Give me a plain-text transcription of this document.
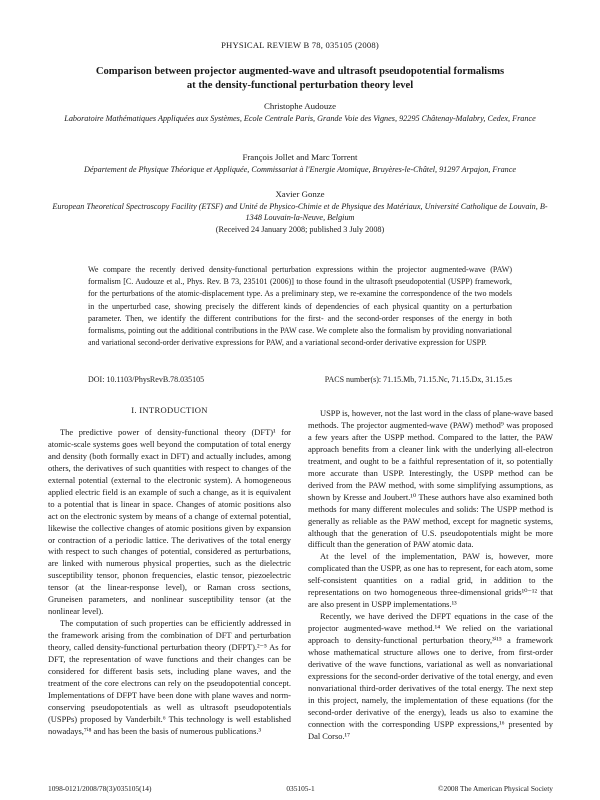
PHYSICAL REVIEW B 78, 035105 (2008)
Comparison between projector augmented-wave and ultrasoft pseudopotential formalisms
at the density-functional perturbation theory level
Christophe Audouze
Laboratoire Mathématiques Appliquées aux Systèmes, Ecole Centrale Paris, Grande Voie des Vignes, 92295 Châtenay-Malabry, Cedex, France
François Jollet and Marc Torrent
Département de Physique Théorique et Appliquée, Commissariat à l'Energie Atomique, Bruyères-le-Châtel, 91297 Arpajon, France
Xavier Gonze
European Theoretical Spectroscopy Facility (ETSF) and Unité de Physico-Chimie et de Physique des Matériaux, Université Catholique de Louvain, B-1348 Louvain-la-Neuve, Belgium
(Received 24 January 2008; published 3 July 2008)
We compare the recently derived density-functional perturbation expressions within the projector augmented-wave (PAW) formalism [C. Audouze et al., Phys. Rev. B 73, 235101 (2006)] to those found in the ultrasoft pseudopotential (USPP) framework, for the perturbations of the atomic-displacement type. As a preliminary step, we re-examine the correspondence of the two models in the unperturbed case, showing precisely the different kinds of dependencies of each physical quantity on a perturbation parameter. Then, we identify the different contributions for the first- and the second-order responses of the energy in both formalisms, pointing out the additional contributions in the PAW case. We complete also the formalism by providing nonvariational and variational second-order derivative expressions for PAW, and a variational second-order derivative expression for USPP.
DOI: 10.1103/PhysRevB.78.035105	PACS number(s): 71.15.Mb, 71.15.Nc, 71.15.Dx, 31.15.es
I. INTRODUCTION

The predictive power of density-functional theory (DFT)¹ for atomic-scale systems goes well beyond the computation of total energy and density (both formally exact in DFT) and actually includes, among others, the derivatives of such quantities with respect to changes of the external potential (external to the electronic system). A homogeneous applied electric field is an example of such a change, as it is equivalent to a potential that is linear in space. Changes of atomic positions also act on the electronic system by means of a change of external potential, likewise the collective changes of atomic positions given by expansion or contraction of a periodic lattice. The derivatives of the total energy with respect to such changes of potential, considered as perturbations, are linked with numerous physical properties, such as the dielectric susceptibility tensor, phonon frequencies, elastic tensor, piezoelectric tensor (at the linear-response level), or Raman cross sections, Gruneisen parameters, and nonlinear susceptibility tensor (at the nonlinear level).

The computation of such properties can be efficiently addressed in the framework arising from the combination of DFT and perturbation theory, called density-functional perturbation theory (DFPT).²⁻⁵ As for DFT, the representation of wave functions and their changes can be considered for different basis sets, including plane waves, and the treatment of the core electrons can rely on the pseudopotential concept. Implementations of DFPT have been done with plane waves and norm-conserving pseudopotentials as well as ultrasoft pseudopotentials (USPPs) proposed by Vanderbilt.⁶ This technology is well established nowadays,⁷ⁱ⁸ and has been the basis of numerous publications.³

USPP is, however, not the last word in the class of plane-wave based methods. The projector augmented-wave (PAW) method⁹ was proposed a few years after the USPP method. Compared to the latter, the PAW approach benefits from a cleaner link with the underlying all-electron treatment, and ought to be a faithful representation of it, so potentially more accurate than USPP. Interestingly, the USPP method can be derived from the PAW method, with some simplifying assumptions, as shown by Kresse and Joubert.¹⁰ These authors have also examined both methods for many different molecules and solids: The USPP method is generally as reliable as the PAW method, except for magnetic systems, although that the generation of U.S. pseudopotentials might be more difficult than the generation of PAW atomic data.

At the level of the implementation, PAW is, however, more complicated than the USPP, as one has to represent, for each atom, some self-consistent quantities on a radial grid, in addition to the representations on two homogeneous three-dimensional grids¹⁰⁻¹² that are also present in USPP implementations.¹³

Recently, we have derived the DFPT equations in the case of the projector augmented-wave method.¹⁴ We relied on the variational approach to density-functional perturbation theory,³ⁱ¹⁵ a framework whose mathematical structure allows one to derive, from first-order derivative of the wave functions, variational as well as nonvariational expressions for the second-order derivative of the total energy, and even nonvariational third-order derivatives of the total energy. The next step in this project, namely, the implementation of these equations (for the second-order derivative of the energy), leads us also to examine the connection with the corresponding USPP expressions,¹⁶ presented by Dal Corso.¹⁷

1098-0121/2008/78(3)/035105(14)	035105-1	©2008 The American Physical Society
